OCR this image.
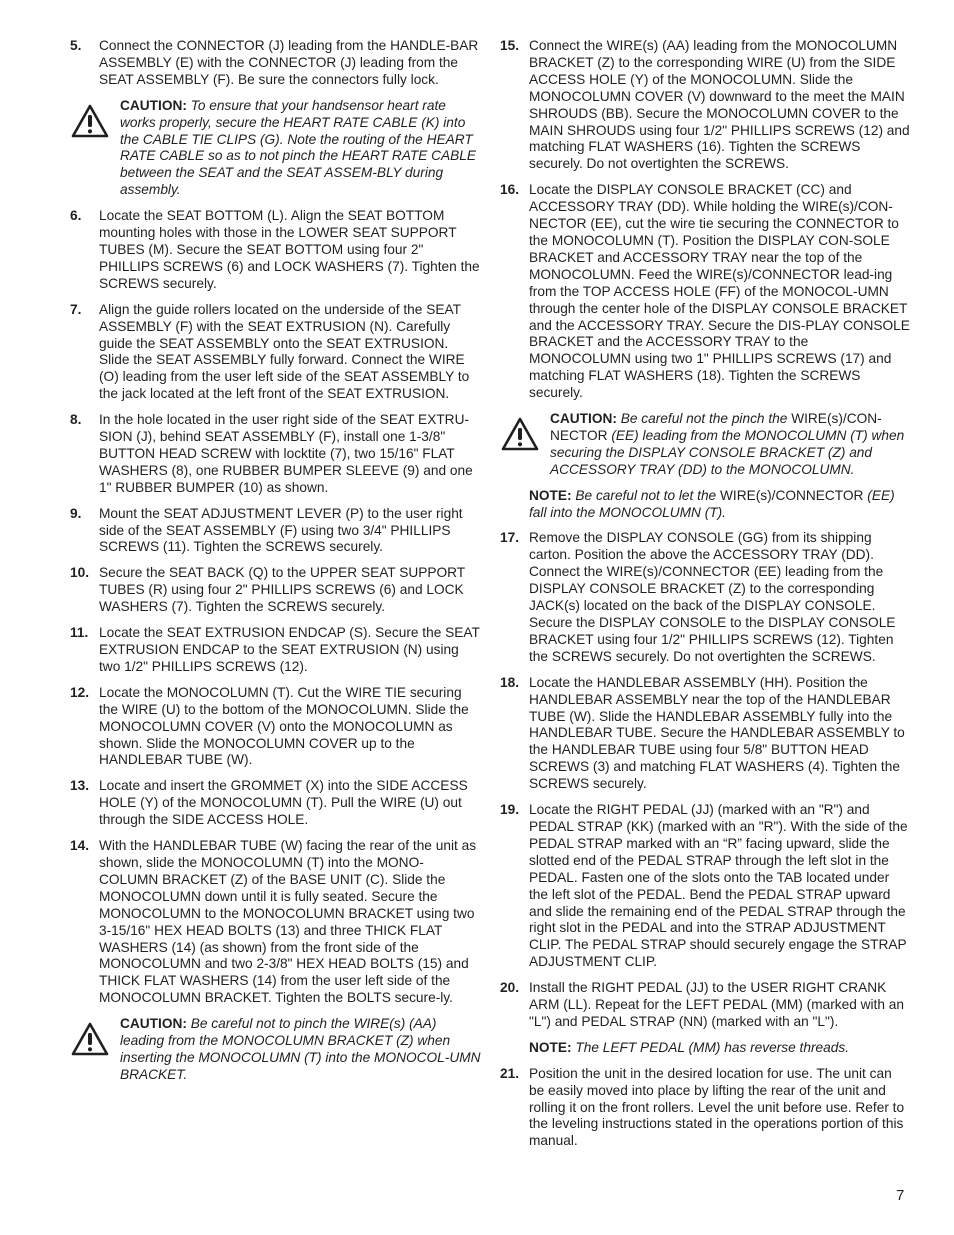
5. Connect the CONNECTOR (J) leading from the HANDLE-BAR ASSEMBLY (E) with the CONNECTOR (J) leading from the SEAT ASSEMBLY (F). Be sure the connectors fully lock.
CAUTION: To ensure that your handsensor heart rate works properly, secure the HEART RATE CABLE (K) into the CABLE TIE CLIPS (G). Note the routing of the HEART RATE CABLE so as to not pinch the HEART RATE CABLE between the SEAT and the SEAT ASSEM-BLY during assembly.
6. Locate the SEAT BOTTOM (L). Align the SEAT BOTTOM mounting holes with those in the LOWER SEAT SUPPORT TUBES (M). Secure the SEAT BOTTOM using four 2" PHILLIPS SCREWS (6) and LOCK WASHERS (7). Tighten the SCREWS securely.
7. Align the guide rollers located on the underside of the SEAT ASSEMBLY (F) with the SEAT EXTRUSION (N). Carefully guide the SEAT ASSEMBLY onto the SEAT EXTRUSION. Slide the SEAT ASSEMBLY fully forward. Connect the WIRE (O) leading from the user left side of the SEAT ASSEMBLY to the jack located at the left front of the SEAT EXTRUSION.
8. In the hole located in the user right side of the SEAT EXTRU-SION (J), behind SEAT ASSEMBLY (F), install one 1-3/8" BUTTON HEAD SCREW with locktite (7), two 15/16" FLAT WASHERS (8), one RUBBER BUMPER SLEEVE (9) and one 1" RUBBER BUMPER (10) as shown.
9. Mount the SEAT ADJUSTMENT LEVER (P) to the user right side of the SEAT ASSEMBLY (F) using two 3/4" PHILLIPS SCREWS (11). Tighten the SCREWS securely.
10. Secure the SEAT BACK (Q) to the UPPER SEAT SUPPORT TUBES (R) using four 2" PHILLIPS SCREWS (6) and LOCK WASHERS (7). Tighten the SCREWS securely.
11. Locate the SEAT EXTRUSION ENDCAP (S). Secure the SEAT EXTRUSION ENDCAP to the SEAT EXTRUSION (N) using two 1/2" PHILLIPS SCREWS (12).
12. Locate the MONOCOLUMN (T). Cut the WIRE TIE securing the WIRE (U) to the bottom of the MONOCOLUMN. Slide the MONOCOLUMN COVER (V) onto the MONOCOLUMN as shown. Slide the MONOCOLUMN COVER up to the HANDLEBAR TUBE (W).
13. Locate and insert the GROMMET (X) into the SIDE ACCESS HOLE (Y) of the MONOCOLUMN (T). Pull the WIRE (U) out through the SIDE ACCESS HOLE.
14. With the HANDLEBAR TUBE (W) facing the rear of the unit as shown, slide the MONOCOLUMN (T) into the MONO-COLUMN BRACKET (Z) of the BASE UNIT (C). Slide the MONOCOLUMN down until it is fully seated. Secure the MONOCOLUMN to the MONOCOLUMN BRACKET using two 3-15/16" HEX HEAD BOLTS (13) and three THICK FLAT WASHERS (14) (as shown) from the front side of the MONOCOLUMN and two 2-3/8" HEX HEAD BOLTS (15) and THICK FLAT WASHERS (14) from the user left side of the MONOCOLUMN BRACKET. Tighten the BOLTS secure-ly.
CAUTION: Be careful not to pinch the WIRE(s) (AA) leading from the MONOCOLUMN BRACKET (Z) when inserting the MONOCOLUMN (T) into the MONOCOL-UMN BRACKET.
15. Connect the WIRE(s) (AA) leading from the MONOCOLUMN BRACKET (Z) to the corresponding WIRE (U) from the SIDE ACCESS HOLE (Y) of the MONOCOLUMN. Slide the MONOCOLUMN COVER (V) downward to the meet the MAIN SHROUDS (BB). Secure the MONOCOLUMN COVER to the MAIN SHROUDS using four 1/2" PHILLIPS SCREWS (12) and matching FLAT WASHERS (16). Tighten the SCREWS securely. Do not overtighten the SCREWS.
16. Locate the DISPLAY CONSOLE BRACKET (CC) and ACCESSORY TRAY (DD). While holding the WIRE(s)/CON-NECTOR (EE), cut the wire tie securing the CONNECTOR to the MONOCOLUMN (T). Position the DISPLAY CON-SOLE BRACKET and ACCESSORY TRAY near the top of the MONOCOLUMN. Feed the WIRE(s)/CONNECTOR lead-ing from the TOP ACCESS HOLE (FF) of the MONOCOL-UMN through the center hole of the DISPLAY CONSOLE BRACKET and the ACCESSORY TRAY. Secure the DIS-PLAY CONSOLE BRACKET and the ACCESSORY TRAY to the MONOCOLUMN using two 1" PHILLIPS SCREWS (17) and matching FLAT WASHERS (18). Tighten the SCREWS securely.
CAUTION: Be careful not the pinch the WIRE(s)/CON-NECTOR (EE) leading from the MONOCOLUMN (T) when securing the DISPLAY CONSOLE BRACKET (Z) and ACCESSORY TRAY (DD) to the MONOCOLUMN.
NOTE: Be careful not to let the WIRE(s)/CONNECTOR (EE) fall into the MONOCOLUMN (T).
17. Remove the DISPLAY CONSOLE (GG) from its shipping carton. Position the above the ACCESSORY TRAY (DD). Connect the WIRE(s)/CONNECTOR (EE) leading from the DISPLAY CONSOLE BRACKET (Z) to the corresponding JACK(s) located on the back of the DISPLAY CONSOLE. Secure the DISPLAY CONSOLE to the DISPLAY CONSOLE BRACKET using four 1/2" PHILLIPS SCREWS (12). Tighten the SCREWS securely. Do not overtighten the SCREWS.
18. Locate the HANDLEBAR ASSEMBLY (HH). Position the HANDLEBAR ASSEMBLY near the top of the HANDLEBAR TUBE (W). Slide the HANDLEBAR ASSEMBLY fully into the HANDLEBAR TUBE. Secure the HANDLEBAR ASSEMBLY to the HANDLEBAR TUBE using four 5/8" BUTTON HEAD SCREWS (3) and matching FLAT WASHERS (4). Tighten the SCREWS securely.
19. Locate the RIGHT PEDAL (JJ) (marked with an "R") and PEDAL STRAP (KK) (marked with an "R"). With the side of the PEDAL STRAP marked with an “R” facing upward, slide the slotted end of the PEDAL STRAP through the left slot in the PEDAL. Fasten one of the slots onto the TAB located under the left slot of the PEDAL. Bend the PEDAL STRAP upward and slide the remaining end of the PEDAL STRAP through the right slot in the PEDAL and into the STRAP ADJUSTMENT CLIP. The PEDAL STRAP should securely engage the STRAP ADJUSTMENT CLIP.
20. Install the RIGHT PEDAL (JJ) to the USER RIGHT CRANK ARM (LL). Repeat for the LEFT PEDAL (MM) (marked with an "L") and PEDAL STRAP (NN) (marked with an "L").
NOTE: The LEFT PEDAL (MM) has reverse threads.
21. Position the unit in the desired location for use. The unit can be easily moved into place by lifting the rear of the unit and rolling it on the front rollers. Level the unit before use. Refer to the leveling instructions stated in the operations portion of this manual.
7
